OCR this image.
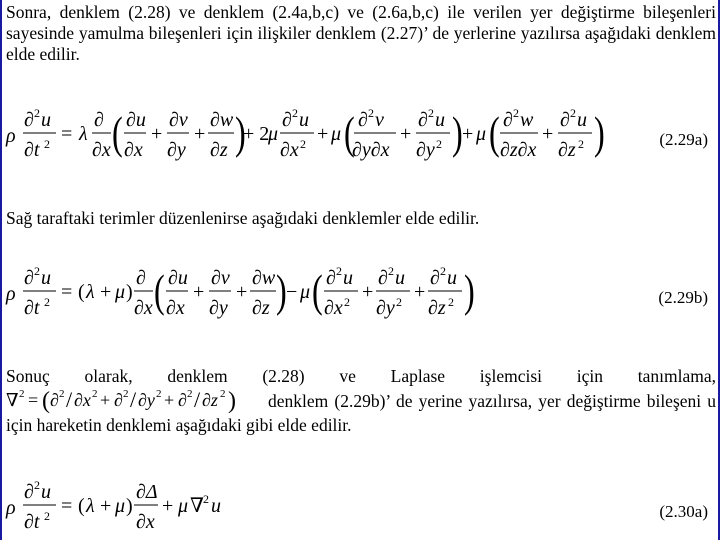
Sonra, denklem (2.28) ve denklem (2.4a,b,c) ve (2.6a,b,c) ile verilen yer değiştirme bileşenleri
sayesinde yamulma bileşenleri için ilişkiler denklem (2.27)’ de yerlerine yazılırsa aşağıdaki denklem
elde edilir.
ρ
∂ 2 u
∂t 2 = λ
∂
∂x ( ∂u
∂x
+
∂v
∂y
+
∂w
∂z )
+ 2
μ
∂ 2 u
∂x 2 + μ ( ∂ 2 v
∂y∂x
+
∂ 2 u
∂y 2 ) + μ ( ∂ 2 w
∂z∂x
+
∂ 2 u
∂z 2 )	(2.29a)
Sağ taraftaki terimler düzenlenirse aşağıdaki denklemler elde edilir.
ρ
∂ 2 u
∂t 2 = ( λ + μ )
∂
∂x ( ∂u
∂x
+
∂v
∂y
+
∂w
∂z ) − μ ( ∂ 2 u
∂x 2 +
∂ 2 u
∂y 2 +
∂ 2 u
∂z 2 )	(2.29b)
Sonuç olarak, denklem (2.28) ve Laplase işlemcisi için tanımlama,
∇ 2 = ( ∂ 2 / ∂x 2 + ∂ 2 / ∂y 2 + ∂ 2 / ∂z 2 ) denklem (2.29b)’ de yerine yazılırsa, yer değiştirme bileşeni u
için hareketin denklemi aşağıdaki gibi elde edilir.
ρ
∂ 2 u
∂t 2 = ( λ + μ )
∂Δ
∂x
+ μ ∇ 2 u	(2.30a)
